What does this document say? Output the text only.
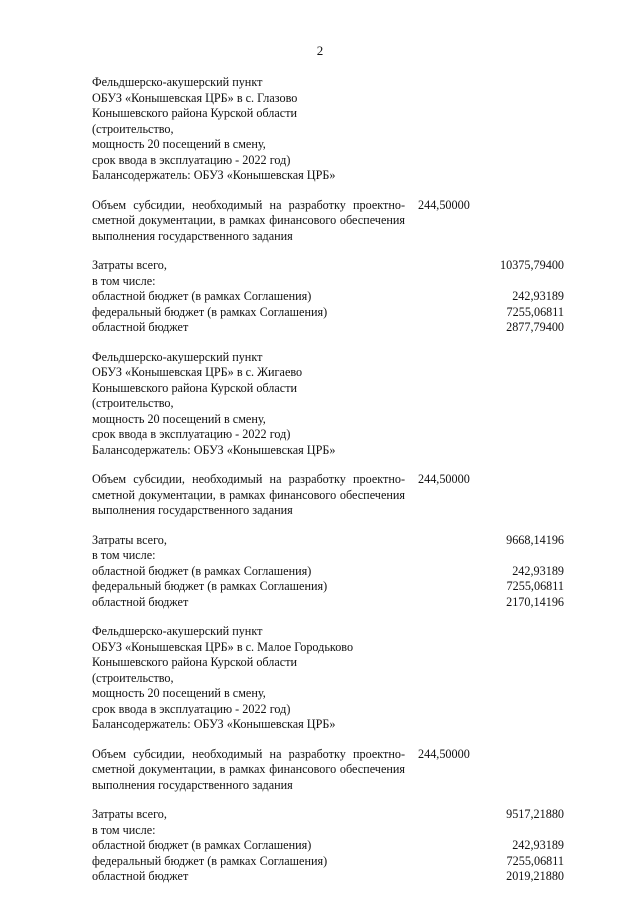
2
Фельдшерско-акушерский пункт
ОБУЗ «Конышевская ЦРБ» в с. Глазово
Конышевского района Курской области
(строительство,
мощность 20 посещений в смену,
срок ввода в эксплуатацию - 2022 год)
Балансодержатель: ОБУЗ «Конышевская ЦРБ»
Объем субсидии, необходимый на разработку проектно-сметной документации, в рамках финансового обеспечения выполнения государственного задания
244,50000
Затраты всего,	10375,79400
в том числе:
областной бюджет (в рамках Соглашения)	242,93189
федеральный бюджет (в рамках Соглашения)	7255,06811
областной бюджет	2877,79400
Фельдшерско-акушерский пункт
ОБУЗ «Конышевская ЦРБ» в с. Жигаево
Конышевского района Курской области
(строительство,
мощность 20 посещений в смену,
срок ввода в эксплуатацию - 2022 год)
Балансодержатель: ОБУЗ «Конышевская ЦРБ»
Объем субсидии, необходимый на разработку проектно-сметной документации, в рамках финансового обеспечения выполнения государственного задания
244,50000
Затраты всего,	9668,14196
в том числе:
областной бюджет (в рамках Соглашения)	242,93189
федеральный бюджет (в рамках Соглашения)	7255,06811
областной бюджет	2170,14196
Фельдшерско-акушерский пункт
ОБУЗ «Конышевская ЦРБ» в с. Малое Городьково
Конышевского района Курской области
(строительство,
мощность 20 посещений в смену,
срок ввода в эксплуатацию - 2022 год)
Балансодержатель: ОБУЗ «Конышевская ЦРБ»
Объем субсидии, необходимый на разработку проектно-сметной документации, в рамках финансового обеспечения выполнения государственного задания
244,50000
Затраты всего,	9517,21880
в том числе:
областной бюджет (в рамках Соглашения)	242,93189
федеральный бюджет (в рамках Соглашения)	7255,06811
областной бюджет	2019,21880
